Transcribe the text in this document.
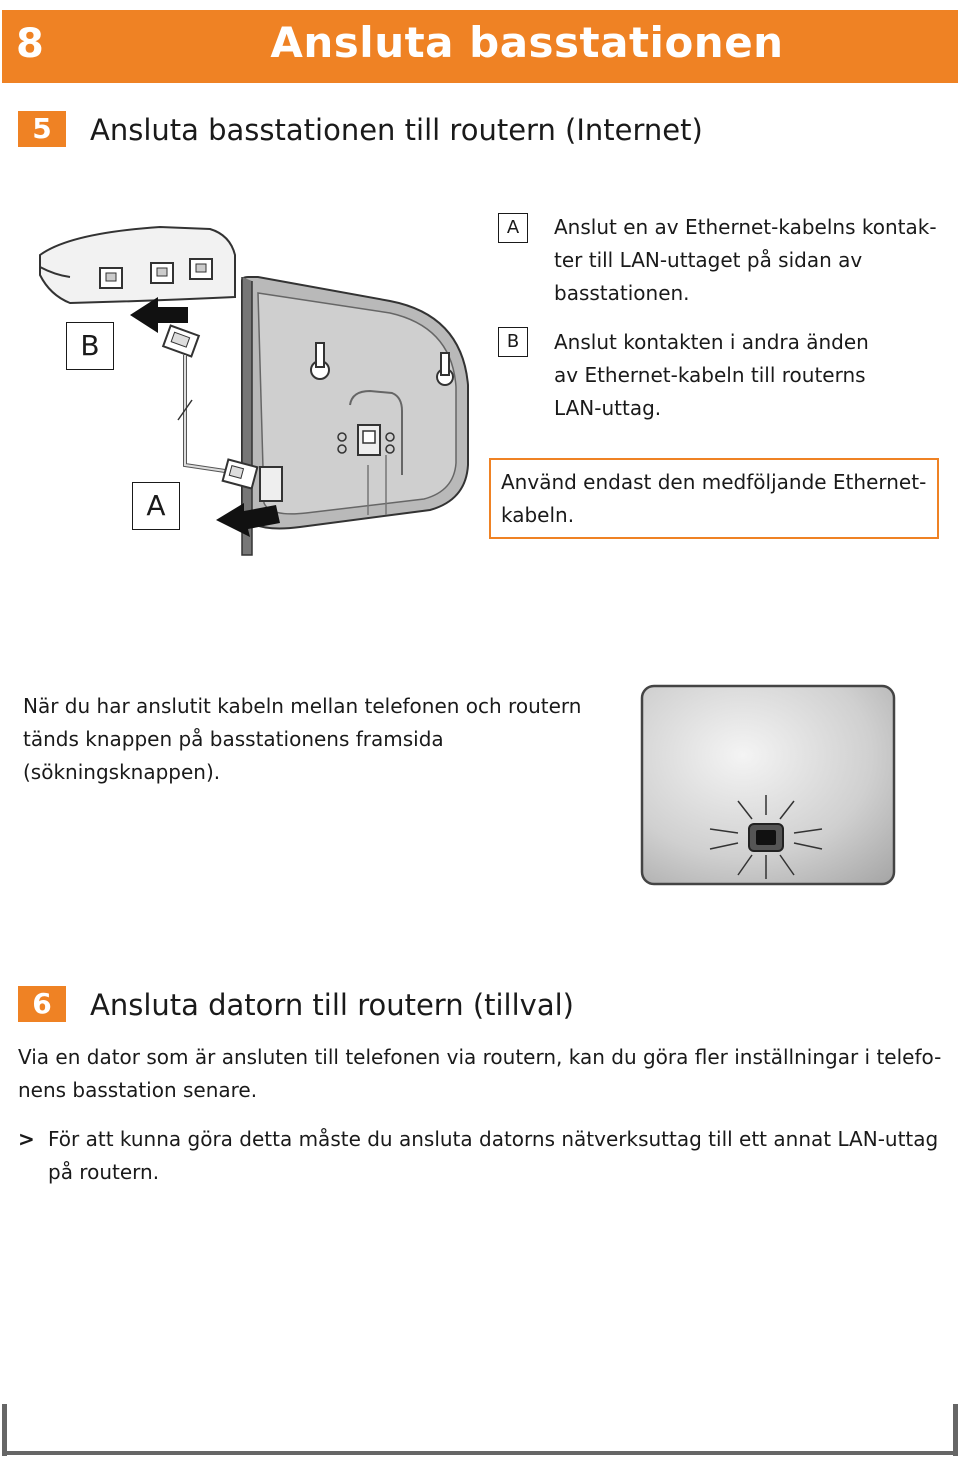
8	Ansluta basstationen
5	Ansluta basstationen till routern (Internet)
B
A
A	Anslut en av Ethernet-kabelns kontak-
ter till LAN-uttaget på sidan av
basstationen.
B	Anslut kontakten i andra änden
av Ethernet-kabeln till routerns
LAN-uttag.
Använd endast den medföljande Ethernet-
kabeln.
När du har anslutit kabeln mellan telefonen och routern
tänds knappen på basstationens framsida
(sökningsknappen).
6	Ansluta datorn till routern (tillval)
Via en dator som är ansluten till telefonen via routern, kan du göra fler inställningar i telefo-
nens basstation senare.
> För att kunna göra detta måste du ansluta datorns nätverksuttag till ett annat LAN-uttag
på routern.
